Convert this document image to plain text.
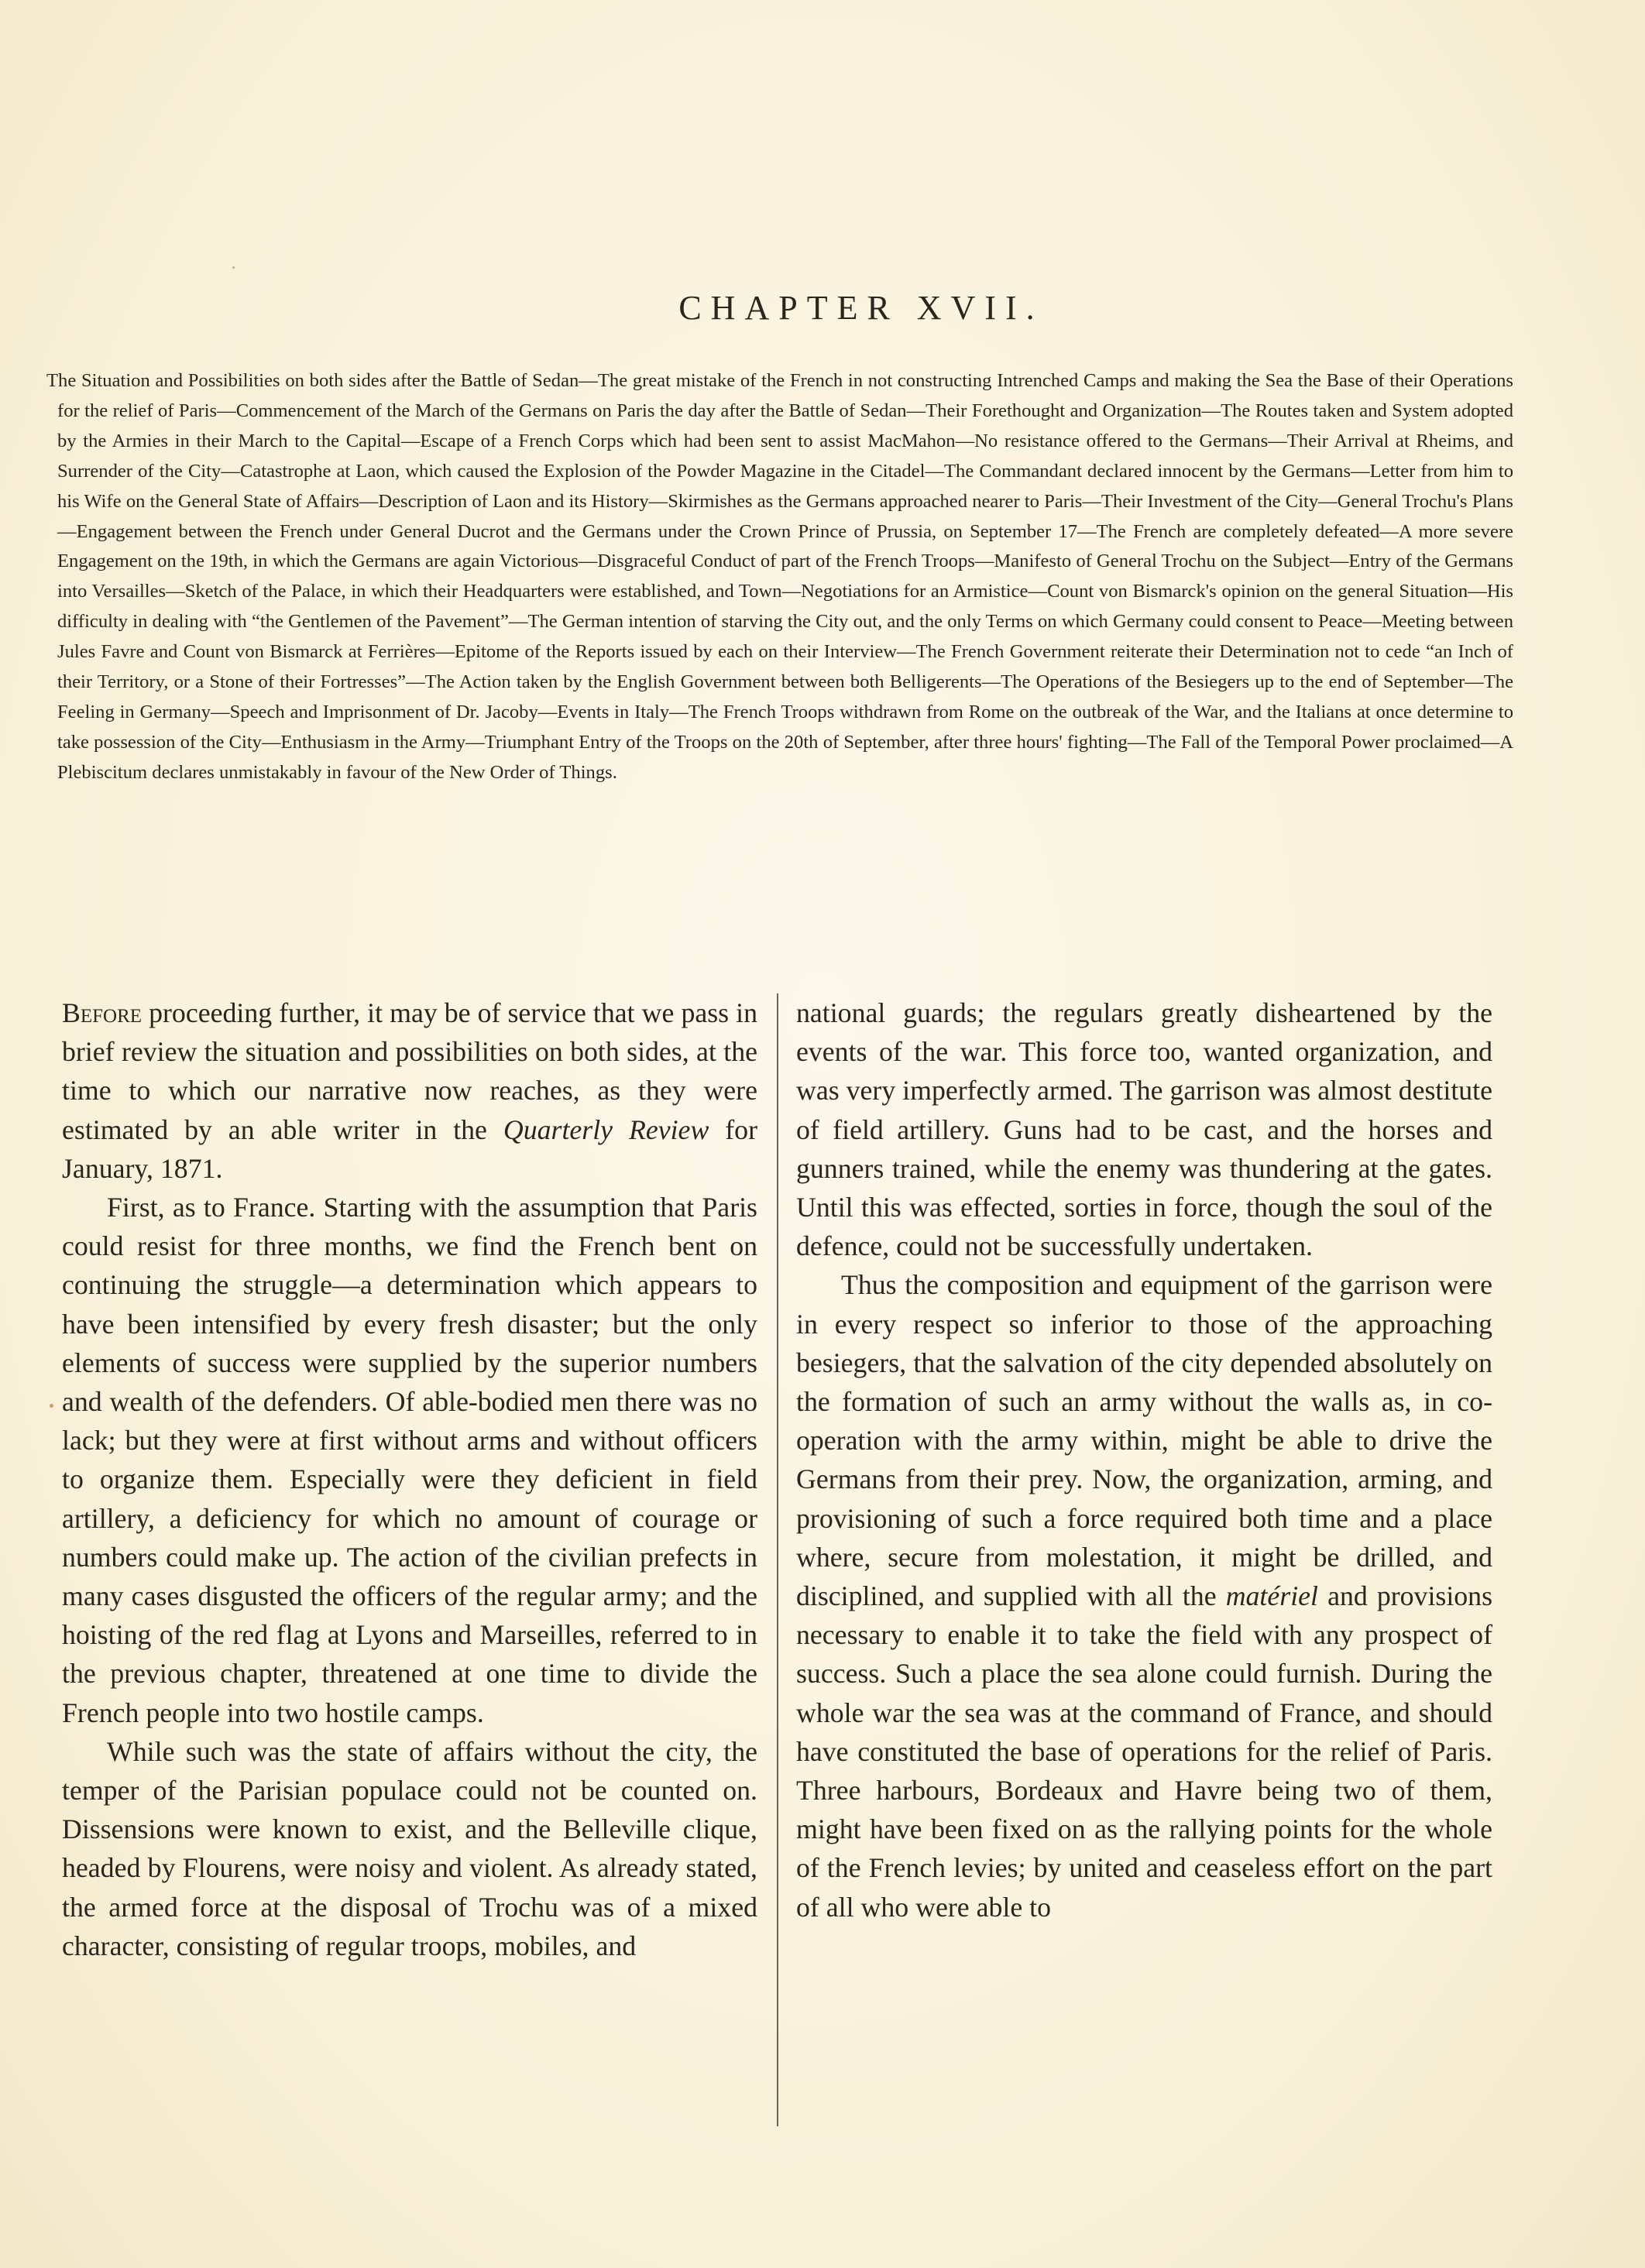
CHAPTER XVII.

The Situation and Possibilities on both sides after the Battle of Sedan—The great mistake of the French in not constructing Intrenched Camps and making the Sea the Base of their Operations for the relief of Paris—Commencement of the March of the Germans on Paris the day after the Battle of Sedan—Their Forethought and Organization—The Routes taken and System adopted by the Armies in their March to the Capital—Escape of a French Corps which had been sent to assist MacMahon—No resistance offered to the Germans—Their Arrival at Rheims, and Surrender of the City—Catastrophe at Laon, which caused the Explosion of the Powder Magazine in the Citadel—The Commandant declared innocent by the Germans—Letter from him to his Wife on the General State of Affairs—Description of Laon and its History—Skirmishes as the Germans approached nearer to Paris—Their Investment of the City—General Trochu's Plans—Engagement between the French under General Ducrot and the Germans under the Crown Prince of Prussia, on September 17—The French are completely defeated—A more severe Engagement on the 19th, in which the Germans are again Victorious—Disgraceful Conduct of part of the French Troops—Manifesto of General Trochu on the Subject—Entry of the Germans into Versailles—Sketch of the Palace, in which their Headquarters were established, and Town—Negotiations for an Armistice—Count von Bismarck's opinion on the general Situation—His difficulty in dealing with “the Gentlemen of the Pavement”—The German intention of starving the City out, and the only Terms on which Germany could consent to Peace—Meeting between Jules Favre and Count von Bismarck at Ferrières—Epitome of the Reports issued by each on their Interview—The French Government reiterate their Determination not to cede “an Inch of their Territory, or a Stone of their Fortresses”—The Action taken by the English Government between both Belligerents—The Operations of the Besiegers up to the end of September—The Feeling in Germany—Speech and Imprisonment of Dr. Jacoby—Events in Italy—The French Troops withdrawn from Rome on the outbreak of the War, and the Italians at once determine to take possession of the City—Enthusiasm in the Army—Triumphant Entry of the Troops on the 20th of September, after three hours' fighting—The Fall of the Temporal Power proclaimed—A Plebiscitum declares unmistakably in favour of the New Order of Things.

Before proceeding further, it may be of service that we pass in brief review the situation and possibilities on both sides, at the time to which our narrative now reaches, as they were estimated by an able writer in the Quarterly Review for January, 1871.

First, as to France. Starting with the assumption that Paris could resist for three months, we find the French bent on continuing the struggle—a determination which appears to have been intensified by every fresh disaster; but the only elements of success were supplied by the superior numbers and wealth of the defenders. Of able-bodied men there was no lack; but they were at first without arms and without officers to organize them. Especially were they deficient in field artillery, a deficiency for which no amount of courage or numbers could make up. The action of the civilian prefects in many cases disgusted the officers of the regular army; and the hoisting of the red flag at Lyons and Marseilles, referred to in the previous chapter, threatened at one time to divide the French people into two hostile camps.

While such was the state of affairs without the city, the temper of the Parisian populace could not be counted on. Dissensions were known to exist, and the Belleville clique, headed by Flourens, were noisy and violent. As already stated, the armed force at the disposal of Trochu was of a mixed character, consisting of regular troops, mobiles, and

national guards; the regulars greatly disheartened by the events of the war. This force too, wanted organization, and was very imperfectly armed. The garrison was almost destitute of field artillery. Guns had to be cast, and the horses and gunners trained, while the enemy was thundering at the gates. Until this was effected, sorties in force, though the soul of the defence, could not be successfully undertaken.

Thus the composition and equipment of the garrison were in every respect so inferior to those of the approaching besiegers, that the salvation of the city depended absolutely on the formation of such an army without the walls as, in co-operation with the army within, might be able to drive the Germans from their prey. Now, the organization, arming, and provisioning of such a force required both time and a place where, secure from molestation, it might be drilled, and disciplined, and supplied with all the matériel and provisions necessary to enable it to take the field with any prospect of success. Such a place the sea alone could furnish. During the whole war the sea was at the command of France, and should have constituted the base of operations for the relief of Paris. Three harbours, Bordeaux and Havre being two of them, might have been fixed on as the rallying points for the whole of the French levies; by united and ceaseless effort on the part of all who were able to
